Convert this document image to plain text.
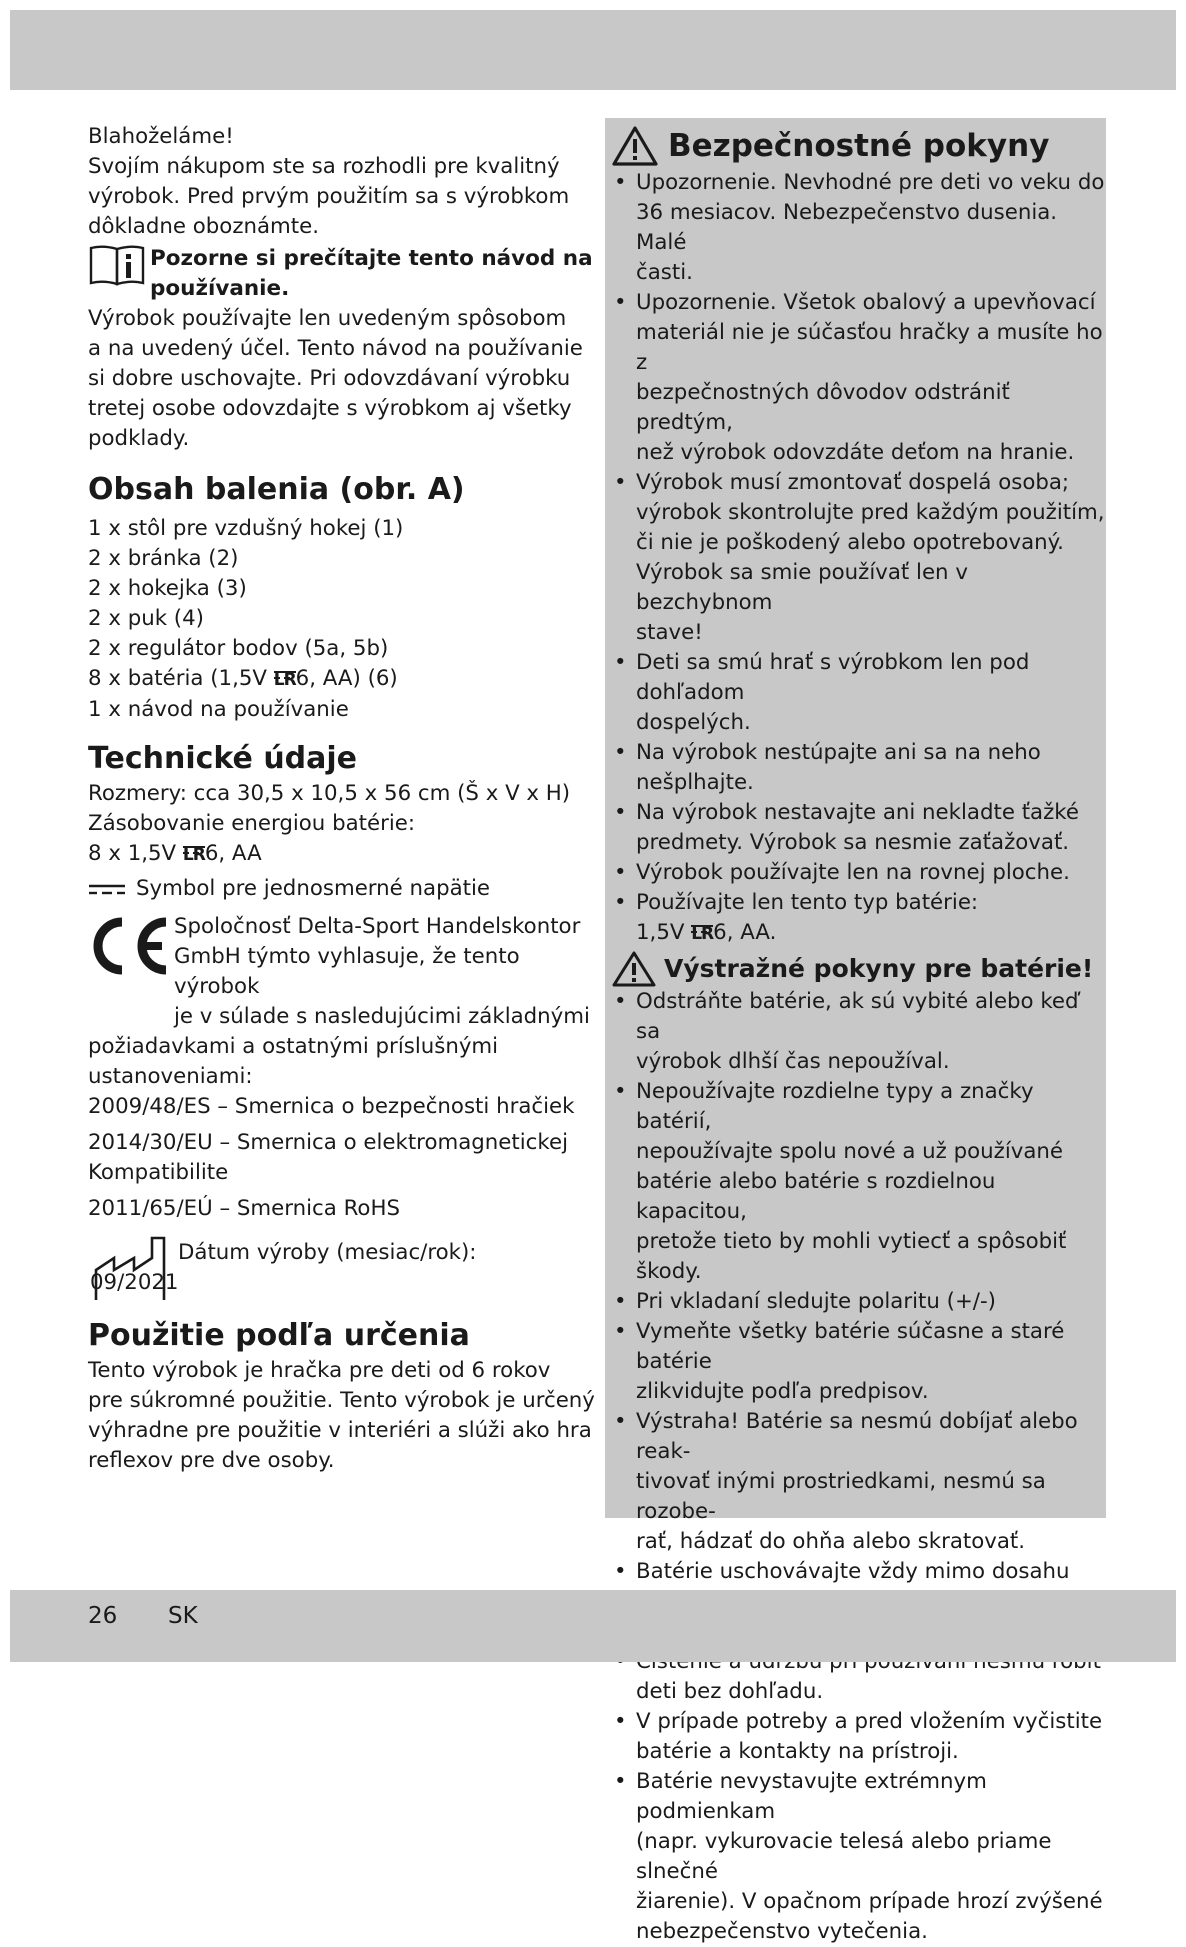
Blahoželáme!
Svojím nákupom ste sa rozhodli pre kvalitný
výrobok. Pred prvým použitím sa s výrobkom
dôkladne oboznámte.
Pozorne si prečítajte tento návod na používanie.
Výrobok používajte len uvedeným spôsobom
a na uvedený účel. Tento návod na používanie
si dobre uschovajte. Pri odovzdávaní výrobku
tretej osobe odovzdajte s výrobkom aj všetky
podklady.
Obsah balenia (obr. A)
1 x stôl pre vzdušný hokej (1)
2 x bránka (2)
2 x hokejka (3)
2 x puk (4)
2 x regulátor bodov (5a, 5b)
8 x batéria (1,5V LR6, AA) (6)
1 x návod na používanie
Technické údaje
Rozmery: cca 30,5 x 10,5 x 56 cm (Š x V x H)
Zásobovanie energiou batérie:
8 x 1,5V LR6, AA
Symbol pre jednosmerné napätie
Spoločnosť Delta-Sport Handelskontor
GmbH týmto vyhlasuje, že tento výrobok
je v súlade s nasledujúcimi základnými
požiadavkami a ostatnými príslušnými
ustanoveniami:
2009/48/ES – Smernica o bezpečnosti hračiek
2014/30/EU – Smernica o elektromagnetickej
Kompatibilite
2011/65/EÚ – Smernica RoHS
Dátum výroby (mesiac/rok):
09/2021
Použitie podľa určenia
Tento výrobok je hračka pre deti od 6 rokov
pre súkromné použitie. Tento výrobok je určený
výhradne pre použitie v interiéri a slúži ako hra
reflexov pre dve osoby.
Bezpečnostné pokyny
• Upozornenie. Nevhodné pre deti vo veku do
36 mesiacov. Nebezpečenstvo dusenia. Malé
časti.
• Upozornenie. Všetok obalový a upevňovací
materiál nie je súčasťou hračky a musíte ho z
bezpečnostných dôvodov odstrániť predtým,
než výrobok odovzdáte deťom na hranie.
• Výrobok musí zmontovať dospelá osoba;
výrobok skontrolujte pred každým použitím,
či nie je poškodený alebo opotrebovaný.
Výrobok sa smie používať len v bezchybnom
stave!
• Deti sa smú hrať s výrobkom len pod dohľadom
dospelých.
• Na výrobok nestúpajte ani sa na neho
nešplhajte.
• Na výrobok nestavajte ani nekladte ťažké
predmety. Výrobok sa nesmie zaťažovať.
• Výrobok používajte len na rovnej ploche.
• Používajte len tento typ batérie:
1,5V LR6, AA.
Výstražné pokyny pre batérie!
• Odstráňte batérie, ak sú vybité alebo keď sa
výrobok dlhší čas nepoužíval.
• Nepoužívajte rozdielne typy a značky batérií,
nepoužívajte spolu nové a už používané
batérie alebo batérie s rozdielnou kapacitou,
pretože tieto by mohli vytiecť a spôsobiť škody.
• Pri vkladaní sledujte polaritu (+/-)
• Vymeňte všetky batérie súčasne a staré batérie
zlikvidujte podľa predpisov.
• Výstraha! Batérie sa nesmú dobíjať alebo reak-
tivovať inými prostriedkami, nesmú sa rozobe-
rať, hádzať do ohňa alebo skratovať.
• Batérie uschovávajte vždy mimo dosahu
•
• deti bez dohľadu.
• V prípade potreby a pred vložením vyčistite
batérie a kontakty na prístroji.
• Batérie nevystavujte extrémnym podmienkam
(napr. vykurovacie telesá alebo priame slnečné
žiarenie). V opačnom prípade hrozí zvýšené
nebezpečenstvo vytečenia.
26 SK
